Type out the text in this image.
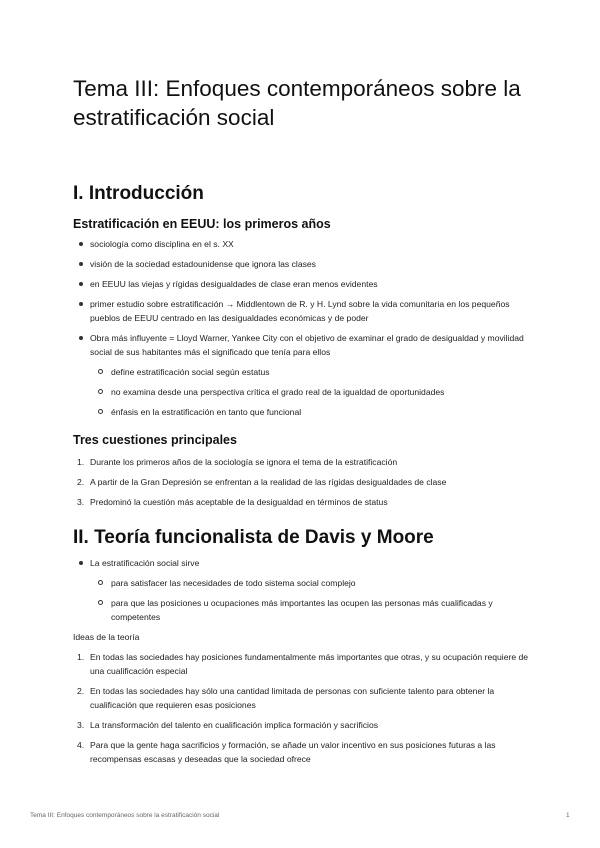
Tema III: Enfoques contemporáneos sobre la estratificación social
I. Introducción
Estratificación en EEUU: los primeros años
sociología como disciplina en el s. XX
visión de la sociedad estadounidense que ignora las clases
en EEUU las viejas y rígidas desigualdades de clase eran menos evidentes
primer estudio sobre estratificación → Middlentown de R. y H. Lynd sobre la vida comunitaria en los pequeños pueblos de EEUU centrado en las desigualdades económicas y de poder
Obra más influyente = Lloyd Warner, Yankee City con el objetivo de examinar el grado de desigualdad y movilidad social de sus habitantes más el significado que tenía para ellos
define estratificación social según estatus
no examina desde una perspectiva crítica el grado real de la igualdad de oportunidades
énfasis en la estratificación en tanto que funcional
Tres cuestiones principales
1. Durante los primeros años de la sociología se ignora el tema de la estratificación
2. A partir de la Gran Depresión se enfrentan a la realidad de las rígidas desigualdades de clase
3. Predominó la cuestión más aceptable de la desigualdad en términos de status
II. Teoría funcionalista de Davis y Moore
La estratificación social sirve
para satisfacer las necesidades de todo sistema social complejo
para que las posiciones u ocupaciones más importantes las ocupen las personas más cualificadas y competentes
Ideas de la teoría
1. En todas las sociedades hay posiciones fundamentalmente más importantes que otras, y su ocupación requiere de una cualificación especial
2. En todas las sociedades hay sólo una cantidad limitada de personas con suficiente talento para obtener la cualificación que requieren esas posiciones
3. La transformación del talento en cualificación implica formación y sacrificios
4. Para que la gente haga sacrificios y formación, se añade un valor incentivo en sus posiciones futuras a las recompensas escasas y deseadas que la sociedad ofrece
Tema III: Enfoques contemporáneos sobre la estratificación social	1
